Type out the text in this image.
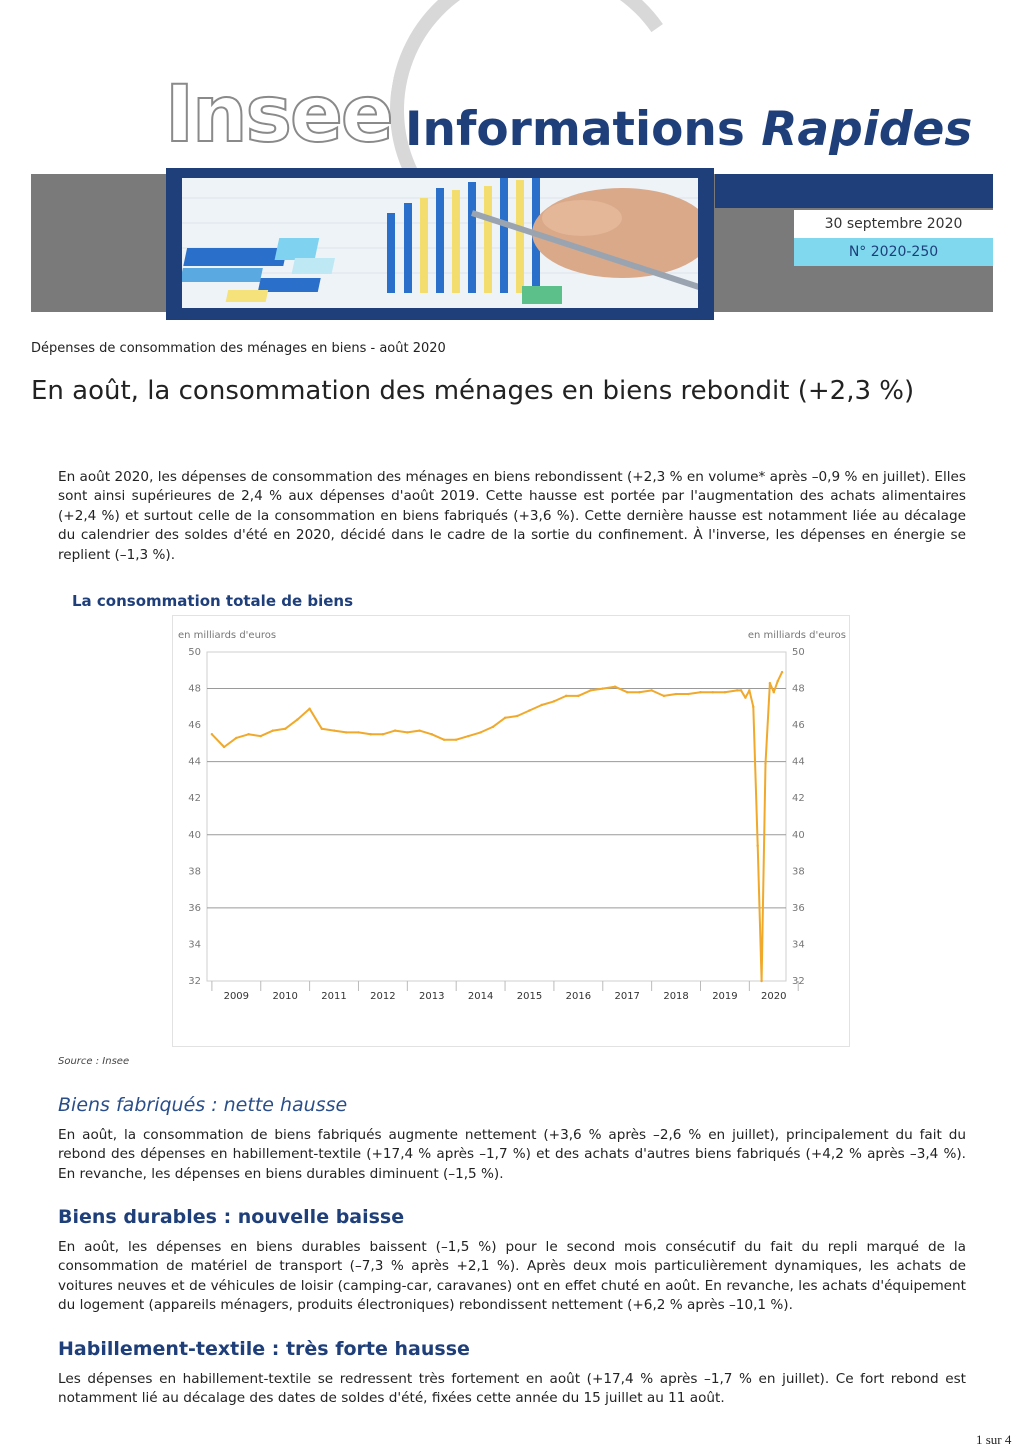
Insee Informations Rapides
30 septembre 2020
N° 2020-250
Dépenses de consommation des ménages en biens - août 2020
En août, la consommation des ménages en biens rebondit (+2,3 %)
En août 2020, les dépenses de consommation des ménages en biens rebondissent (+2,3 % en volume* après –0,9 % en juillet). Elles sont ainsi supérieures de 2,4 % aux dépenses d'août 2019. Cette hausse est portée par l'augmentation des achats alimentaires (+2,4 %) et surtout celle de la consommation en biens fabriqués (+3,6 %). Cette dernière hausse est notamment liée au décalage du calendrier des soldes d'été en 2020, décidé dans le cadre de la sortie du confinement. À l'inverse, les dépenses en énergie se replient (–1,3 %).
La consommation totale de biens
32	32
34	34
36	36
38	38
40	40
42	42
44	44
46	46
48	48
50	50
en milliards d'euros	en milliards d'euros
2009 2010 2011 2012 2013 2014 2015 2016 2017 2018 2019 2020
Source : Insee
Biens fabriqués : nette hausse
En août, la consommation de biens fabriqués augmente nettement (+3,6 % après –2,6 % en juillet), principalement du fait du rebond des dépenses en habillement-textile (+17,4 % après –1,7 %) et des achats d'autres biens fabriqués (+4,2 % après –3,4 %). En revanche, les dépenses en biens durables diminuent (–1,5 %).
Biens durables : nouvelle baisse
En août, les dépenses en biens durables baissent (–1,5 %) pour le second mois consécutif du fait du repli marqué de la consommation de matériel de transport (–7,3 % après +2,1 %). Après deux mois particulièrement dynamiques, les achats de voitures neuves et de véhicules de loisir (camping-car, caravanes) ont en effet chuté en août. En revanche, les achats d'équipement du logement (appareils ménagers, produits électroniques) rebondissent nettement (+6,2 % après –10,1 %).
Habillement-textile : très forte hausse
Les dépenses en habillement-textile se redressent très fortement en août (+17,4 % après –1,7 % en juillet). Ce fort rebond est notamment lié au décalage des dates de soldes d'été, fixées cette année du 15 juillet au 11 août.
1 sur 4
